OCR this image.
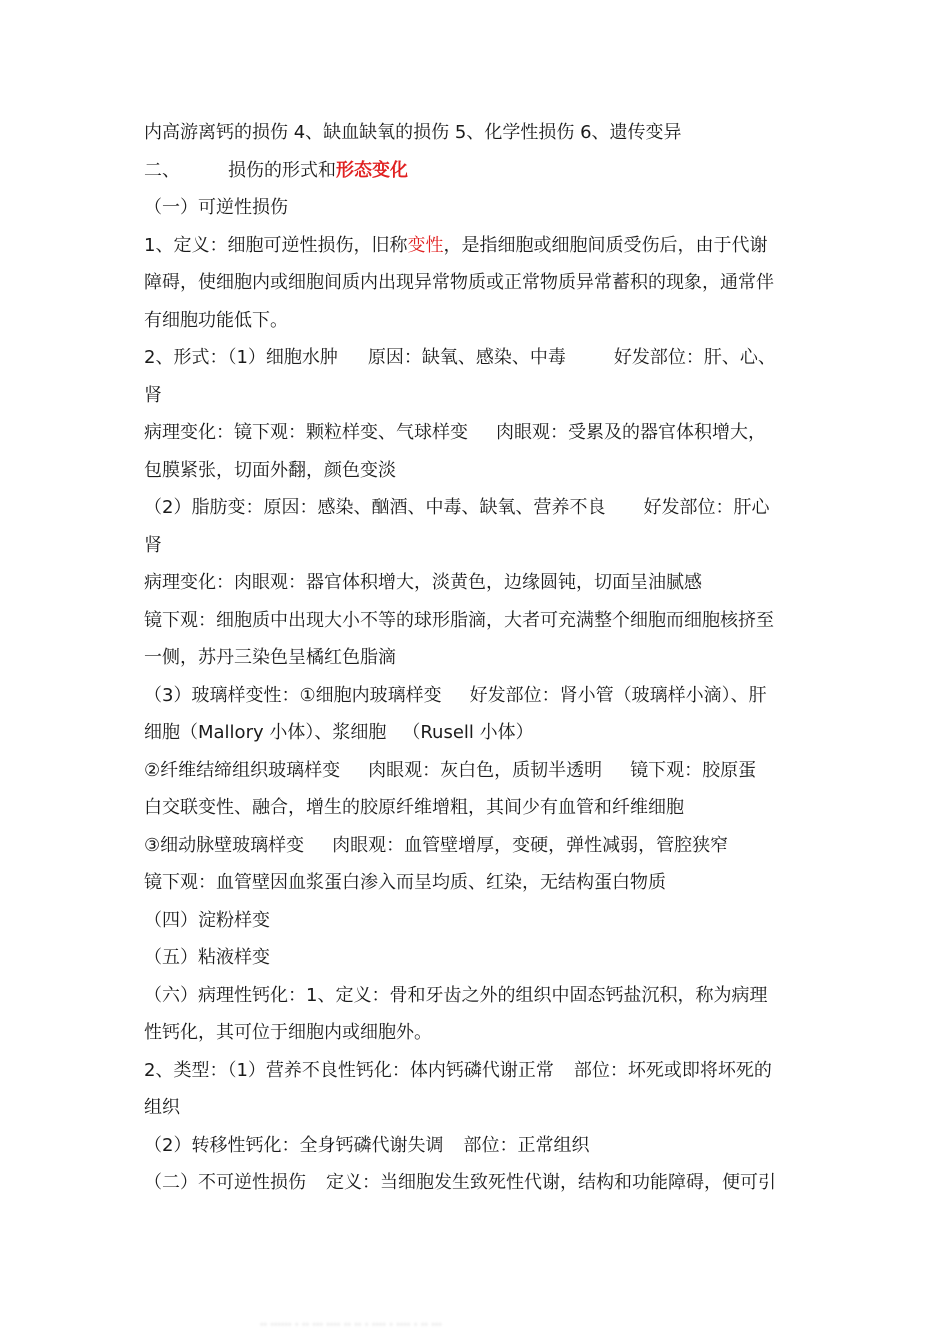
内高游离钙的损伤 4、缺血缺氧的损伤 5、化学性损伤 6、遗传变异
二、	损伤的形式和形态变化
（一）可逆性损伤
1、定义：细胞可逆性损伤，旧称变性，是指细胞或细胞间质受伤后，由于代谢
障碍，使细胞内或细胞间质内出现异常物质或正常物质异常蓄积的现象，通常伴
有细胞功能低下。
2、形式：（1）细胞水肿 原因：缺氧、感染、中毒	好发部位：肝、心、
肾
病理变化：镜下观：颗粒样变、气球样变 肉眼观：受累及的器官体积增大，
包膜紧张，切面外翻，颜色变淡
（2）脂肪变：原因：感染、酗酒、中毒、缺氧、营养不良 好发部位：肝心
肾
病理变化：肉眼观：器官体积增大，淡黄色，边缘圆钝，切面呈油腻感
镜下观：细胞质中出现大小不等的球形脂滴，大者可充满整个细胞而细胞核挤至
一侧，苏丹三染色呈橘红色脂滴
（3）玻璃样变性：①细胞内玻璃样变 好发部位：肾小管（玻璃样小滴）、肝
细胞（Mallory 小体）、浆细胞 （Rusell 小体）
②纤维结缔组织玻璃样变 肉眼观：灰白色，质韧半透明 镜下观：胶原蛋
白交联变性、融合，增生的胶原纤维增粗，其间少有血管和纤维细胞
③细动脉壁玻璃样变 肉眼观：血管壁增厚，变硬，弹性减弱，管腔狭窄
镜下观：血管壁因血浆蛋白渗入而呈均质、红染，无结构蛋白物质
（四）淀粉样变
（五）粘液样变
（六）病理性钙化：1、定义：骨和牙齿之外的组织中固态钙盐沉积，称为病理
性钙化，其可位于细胞内或细胞外。
2、类型：（1）营养不良性钙化：体内钙磷代谢正常 部位：坏死或即将坏死的
组织
（2）转移性钙化：全身钙磷代谢失调 部位：正常组织
（二）不可逆性损伤 定义：当细胞发生致死性代谢，结构和功能障碍，便可引
·· ······ · ·· ··· ···· ·· ·· · ···· · ···· · ·· ···
